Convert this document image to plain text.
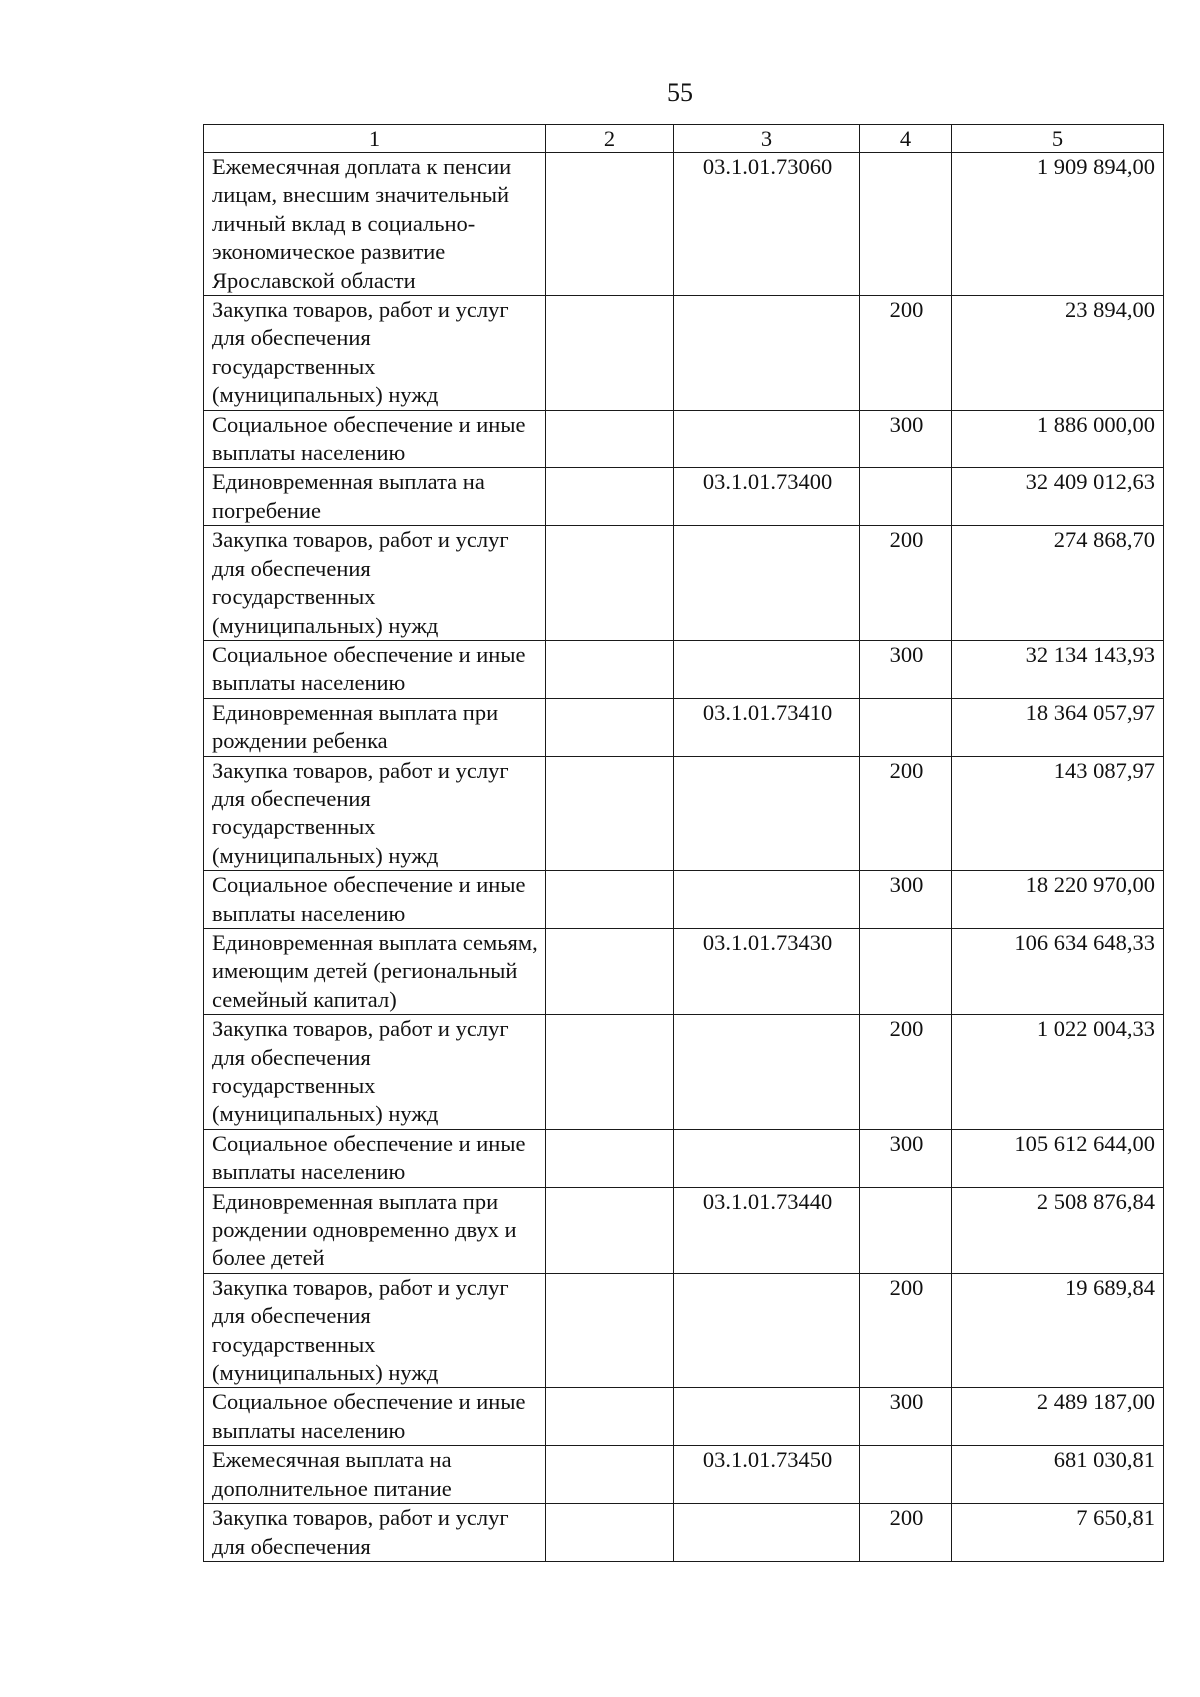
55
1	2	3	4	5
Ежемесячная доплата к пенсии лицам, внесшим значительный личный вклад в социально-экономическое развитие Ярославской области		03.1.01.73060		1 909 894,00
Закупка товаров, работ и услуг для обеспечения государственных (муниципальных) нужд			200	23 894,00
Социальное обеспечение и иные выплаты населению			300	1 886 000,00
Единовременная выплата на погребение		03.1.01.73400		32 409 012,63
Закупка товаров, работ и услуг для обеспечения государственных (муниципальных) нужд			200	274 868,70
Социальное обеспечение и иные выплаты населению			300	32 134 143,93
Единовременная выплата при рождении ребенка		03.1.01.73410		18 364 057,97
Закупка товаров, работ и услуг для обеспечения государственных (муниципальных) нужд			200	143 087,97
Социальное обеспечение и иные выплаты населению			300	18 220 970,00
Единовременная выплата семьям, имеющим детей (региональный семейный капитал)		03.1.01.73430		106 634 648,33
Закупка товаров, работ и услуг для обеспечения государственных (муниципальных) нужд			200	1 022 004,33
Социальное обеспечение и иные выплаты населению			300	105 612 644,00
Единовременная выплата при рождении одновременно двух и более детей		03.1.01.73440		2 508 876,84
Закупка товаров, работ и услуг для обеспечения государственных (муниципальных) нужд			200	19 689,84
Социальное обеспечение и иные выплаты населению			300	2 489 187,00
Ежемесячная выплата на дополнительное питание		03.1.01.73450		681 030,81
Закупка товаров, работ и услуг для обеспечения			200	7 650,81
